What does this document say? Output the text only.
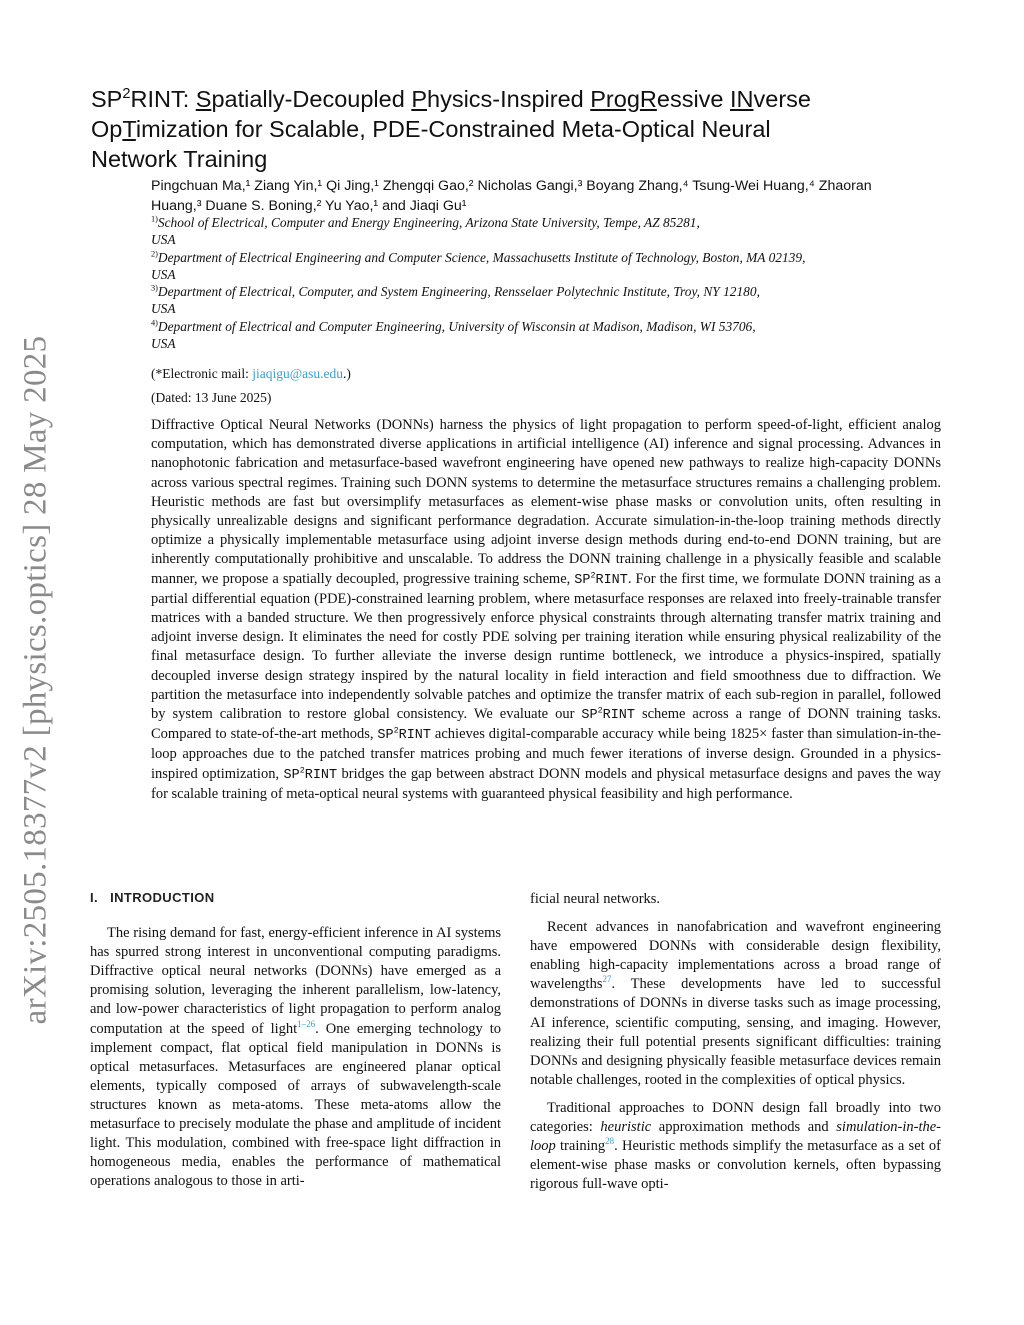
arXiv:2505.18377v2 [physics.optics] 28 May 2025
$SP^2RINT$: Spatially-Decoupled Physics-Inspired ProgRessive INverse
OpTimization for Scalable, PDE-Constrained Meta-Optical Neural
Network Training

Pingchuan Ma,¹ Ziang Yin,¹ Qi Jing,¹ Zhengqi Gao,² Nicholas Gangi,³ Boyang Zhang,⁴ Tsung-Wei Huang,⁴ Zhaoran Huang,³ Duane S. Boning,² Yu Yao,¹ and Jiaqi Gu¹

$^{1)}$School of Electrical, Computer and Energy Engineering, Arizona State University, Tempe, AZ 85281,
USA

$^{2)}$Department of Electrical Engineering and Computer Science, Massachusetts Institute of Technology, Boston, MA 02139,
USA

$^{3)}$Department of Electrical, Computer, and System Engineering, Rensselaer Polytechnic Institute, Troy, NY 12180,
USA

$^{4)}$Department of Electrical and Computer Engineering, University of Wisconsin at Madison, Madison, WI 53706,
USA

(*Electronic mail: jiaqigu@asu.edu.)
(Dated: 13 June 2025)

Diffractive Optical Neural Networks (DONNs) harness the physics of light propagation to perform speed-of-light, efficient analog computation, which has demonstrated diverse applications in artificial intelligence (AI) inference and signal processing. Advances in nanophotonic fabrication and metasurface-based wavefront engineering have opened new pathways to realize high-capacity DONNs across various spectral regimes. Training such DONN systems to determine the metasurface structures remains a challenging problem. Heuristic methods are fast but oversimplify metasurfaces as element-wise phase masks or convolution units, often resulting in physically unrealizable designs and significant performance degradation. Accurate simulation-in-the-loop training methods directly optimize a physically implementable metasurface using adjoint inverse design methods during end-to-end DONN training, but are inherently computationally prohibitive and unscalable. To address the DONN training challenge in a physically feasible and scalable manner, we propose a spatially decoupled, progressive training scheme, $SP^2RINT$. For the first time, we formulate DONN training as a partial differential equation (PDE)-constrained learning problem, where metasurface responses are relaxed into freely-trainable transfer matrices with a banded structure. We then progressively enforce physical constraints through alternating transfer matrix training and adjoint inverse design. It eliminates the need for costly PDE solving per training iteration while ensuring physical realizability of the final metasurface design. To further alleviate the inverse design runtime bottleneck, we introduce a physics-inspired, spatially decoupled inverse design strategy inspired by the natural locality in field interaction and field smoothness due to diffraction. We partition the metasurface into independently solvable patches and optimize the transfer matrix of each sub-region in parallel, followed by system calibration to restore global consistency. We evaluate our $SP^2RINT$ scheme across a range of DONN training tasks. Compared to state-of-the-art methods, $SP^2RINT$ achieves digital-comparable accuracy while being 1825× faster than simulation-in-the-loop approaches due to the patched transfer matrices probing and much fewer iterations of inverse design. Grounded in a physics-inspired optimization, $SP^2RINT$ bridges the gap between abstract DONN models and physical metasurface designs and paves the way for scalable training of meta-optical neural systems with guaranteed physical feasibility and high performance.

I. INTRODUCTION

The rising demand for fast, energy-efficient inference in AI systems has spurred strong interest in unconventional computing paradigms. Diffractive optical neural networks (DONNs) have emerged as a promising solution, leveraging the inherent parallelism, low-latency, and low-power characteristics of light propagation to perform analog computation at the speed of light$^{1-26}$. One emerging technology to implement compact, flat optical field manipulation in DONNs is optical metasurfaces. Metasurfaces are engineered planar optical elements, typically composed of arrays of subwavelength-scale structures known as meta-atoms. These meta-atoms allow the metasurface to precisely modulate the phase and amplitude of incident light. This modulation, combined with free-space light diffraction in homogeneous media, enables the performance of mathematical operations analogous to those in arti-

ficial neural networks.

Recent advances in nanofabrication and wavefront engineering have empowered DONNs with considerable design flexibility, enabling high-capacity implementations across a broad range of wavelengths$^{27}$. These developments have led to successful demonstrations of DONNs in diverse tasks such as image processing, AI inference, scientific computing, sensing, and imaging. However, realizing their full potential presents significant difficulties: training DONNs and designing physically feasible metasurface devices remain notable challenges, rooted in the complexities of optical physics.

Traditional approaches to DONN design fall broadly into two categories: heuristic approximation methods and simulation-in-the-loop training$^{28}$. Heuristic methods simplify the metasurface as a set of element-wise phase masks or convolution kernels, often bypassing rigorous full-wave opti-
